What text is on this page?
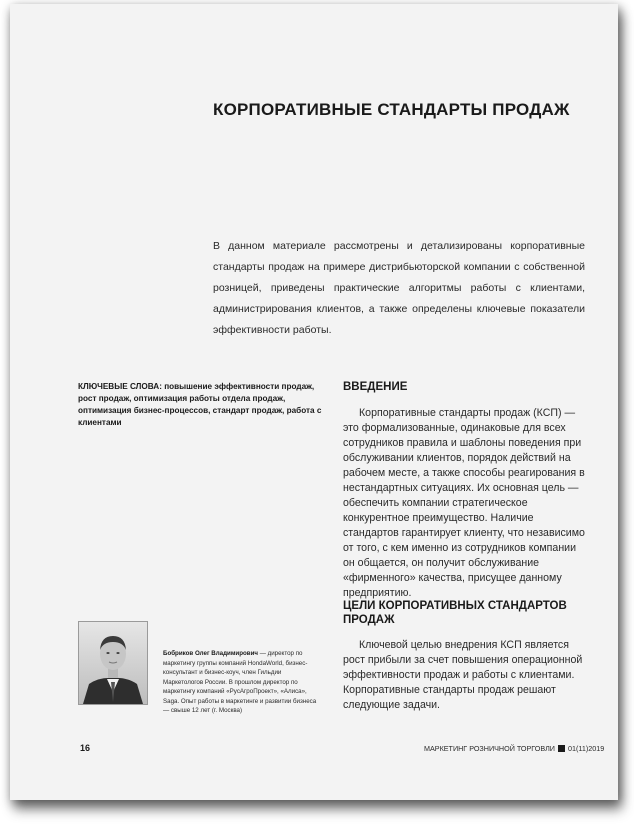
КОРПОРАТИВНЫЕ СТАНДАРТЫ ПРОДАЖ
В данном материале рассмотрены и детализированы корпоративные стандарты продаж на примере дистрибьюторской компании с собственной розницей, приведены практические алгоритмы работы с клиентами, администрирования клиентов, а также определены ключевые показатели эффективности работы.
КЛЮЧЕВЫЕ СЛОВА: повышение эффективности продаж, рост продаж, оптимизация работы отдела продаж, оптимизация бизнес-процессов, стандарт продаж, работа с клиентами
ВВЕДЕНИЕ
Корпоративные стандарты продаж (КСП) — это формализованные, одинаковые для всех сотрудников правила и шаблоны поведения при обслуживании клиентов, порядок действий на рабочем месте, а также способы реагирования в нестандартных ситуациях. Их основная цель — обеспечить компании стратегическое конкурентное преимущество. Наличие стандартов гарантирует клиенту, что независимо от того, с кем именно из сотрудников компании он общается, он получит обслуживание «фирменного» качества, присущее данному предприятию.
ЦЕЛИ КОРПОРАТИВНЫХ СТАНДАРТОВ ПРОДАЖ
Ключевой целью внедрения КСП является рост прибыли за счет повышения операционной эффективности продаж и работы с клиентами. Корпоративные стандарты продаж решают следующие задачи.
Бобриков Олег Владимирович — директор по маркетингу группы компаний HondaWorld, бизнес-консультант и бизнес-коуч, член Гильдии Маркетологов России. В прошлом директор по маркетингу компаний «РусАгроПроект», «Алиса», Saga. Опыт работы в маркетинге и развитии бизнеса — свыше 12 лет (г. Москва)
16	МАРКЕТИНГ РОЗНИЧНОЙ ТОРГОВЛИ 01(11)2019
